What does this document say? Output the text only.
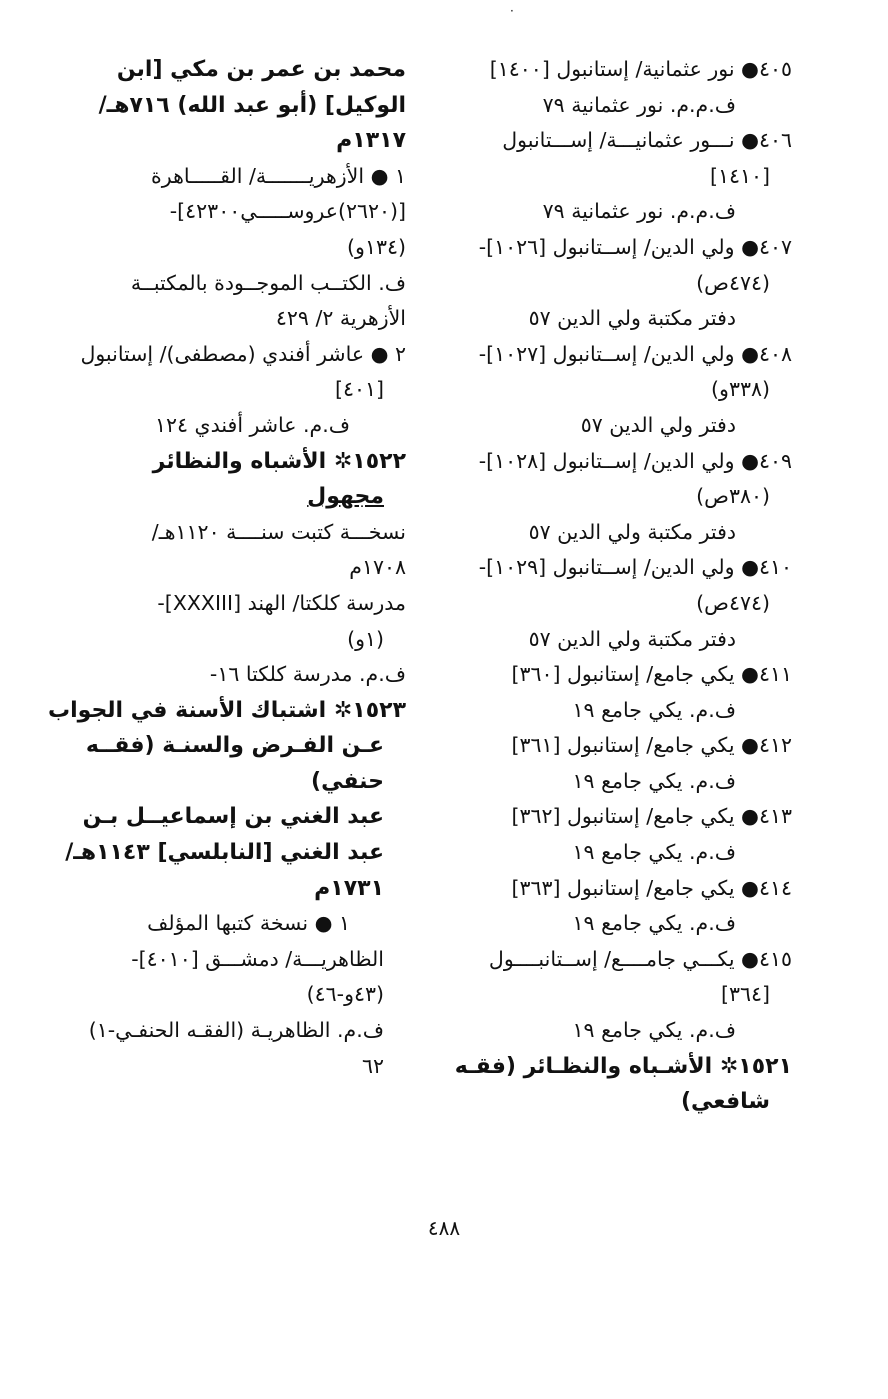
·
٤٠٥● نور عثمانية/ إستانبول [١٤٠٠]
ف.م.م. نور عثمانية ٧٩
٤٠٦● نـــور عثمانيـــة/ إســـتانبول
[١٤١٠]
ف.م.م. نور عثمانية ٧٩
٤٠٧● ولي الدين/ إســتانبول [١٠٢٦]-
(٤٧٤ص)
دفتر مكتبة ولي الدين ٥٧
٤٠٨● ولي الدين/ إســتانبول [١٠٢٧]-
(٣٣٨و)
دفتر ولي الدين ٥٧
٤٠٩● ولي الدين/ إســتانبول [١٠٢٨]-
(٣٨٠ص)
دفتر مكتبة ولي الدين ٥٧
٤١٠● ولي الدين/ إســتانبول [١٠٢٩]-
(٤٧٤ص)
دفتر مكتبة ولي الدين ٥٧
٤١١● يكي جامع/ إستانبول [٣٦٠]
ف.م. يكي جامع ١٩
٤١٢● يكي جامع/ إستانبول [٣٦١]
ف.م. يكي جامع ١٩
٤١٣● يكي جامع/ إستانبول [٣٦٢]
ف.م. يكي جامع ١٩
٤١٤● يكي جامع/ إستانبول [٣٦٣]
ف.م. يكي جامع ١٩
٤١٥● يكـــي جامــــع/ إســتانبــــول
[٣٦٤]
ف.م. يكي جامع ١٩
١٥٢١✲ الأشـباه والنظـائر (فقـه
شافعي)
محمد بن عمر بن مكي [ابن
الوكيل] (أبو عبد الله) ٧١٦هـ/
١٣١٧م
١ ● الأزهريـــــــة/ القـــــاهرة
[(٢٦٢٠)عروســـــي٤٢٣٠٠]-
(١٣٤و)
ف. الكتــب الموجــودة بالمكتبــة
الأزهرية ٢/ ٤٢٩
٢ ● عاشر أفندي (مصطفى)/ إستانبول
[٤٠١]
ف.م. عاشر أفندي ١٢٤
١٥٢٢✲ الأشباه والنظائر
مجهول
نسخـــة كتبت سنــــة ١١٢٠هـ/
١٧٠٨م
مدرسة كلكتا/ الهند [XXXIII]-
(١و)
ف.م. مدرسة كلكتا ١٦-
١٥٢٣✲ اشتباك الأسنة في الجواب
عـن الفـرض والسنـة (فقــه
حنفي)
عبد الغني بن إسماعيــل بـن
عبد الغني [النابلسي] ١١٤٣هـ/
١٧٣١م
١ ● نسخة كتبها المؤلف
الظاهريـــة/ دمشـــق [٤٠١٠]-
(٤٣و-٤٦)
ف.م. الظاهريـة (الفقـه الحنفـي-١)
٦٢
٤٨٨
